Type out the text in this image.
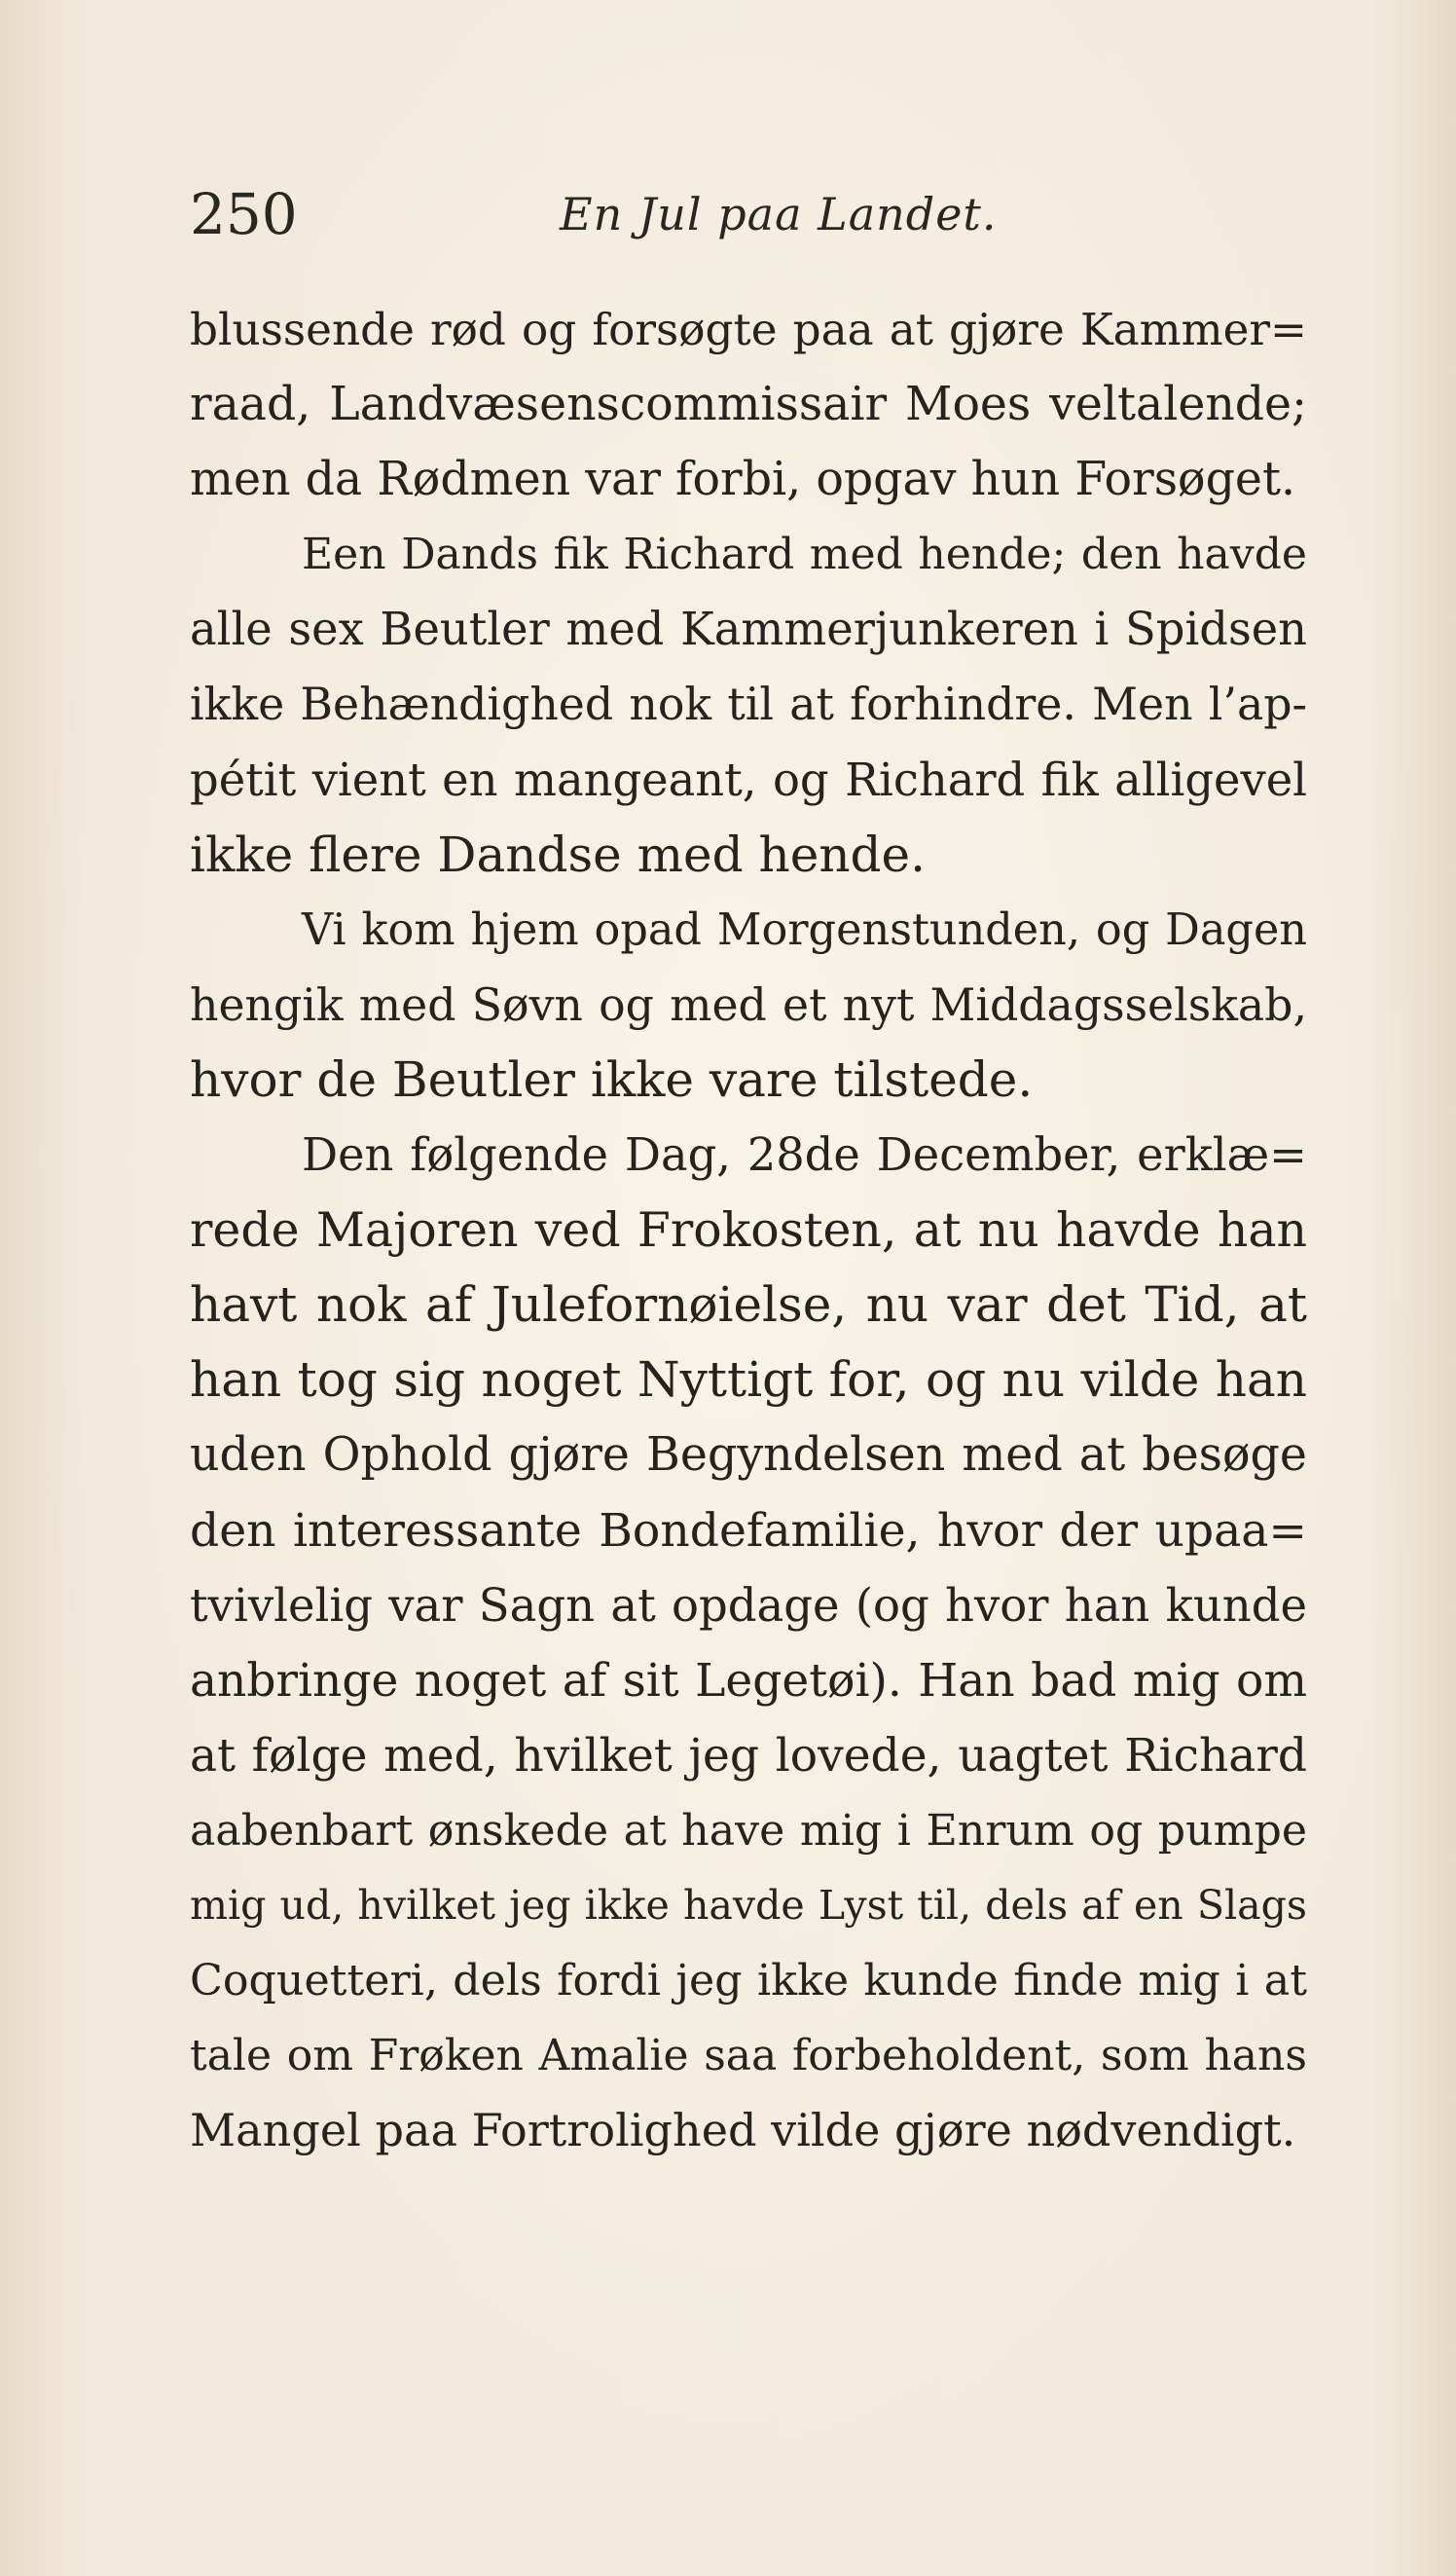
250	En Jul paa Landet.
blussende rød og forsøgte paa at gjøre Kammer=
raad, Landvæsenscommissair Moes veltalende;
men da Rødmen var forbi, opgav hun Forsøget.
Een Dands fik Richard med hende; den havde
alle sex Beutler med Kammerjunkeren i Spidsen
ikke Behændighed nok til at forhindre. Men l’ap-
pétit vient en mangeant, og Richard fik alligevel
ikke flere Dandse med hende.
Vi kom hjem opad Morgenstunden, og Dagen
hengik med Søvn og med et nyt Middagsselskab,
hvor de Beutler ikke vare tilstede.
Den følgende Dag, 28de December, erklæ=
rede Majoren ved Frokosten, at nu havde han
havt nok af Julefornøielse, nu var det Tid, at
han tog sig noget Nyttigt for, og nu vilde han
uden Ophold gjøre Begyndelsen med at besøge
den interessante Bondefamilie, hvor der upaa=
tvivlelig var Sagn at opdage (og hvor han kunde
anbringe noget af sit Legetøi). Han bad mig om
at følge med, hvilket jeg lovede, uagtet Richard
aabenbart ønskede at have mig i Enrum og pumpe
mig ud, hvilket jeg ikke havde Lyst til, dels af en Slags
Coquetteri, dels fordi jeg ikke kunde finde mig i at
tale om Frøken Amalie saa forbeholdent, som hans
Mangel paa Fortrolighed vilde gjøre nødvendigt.
